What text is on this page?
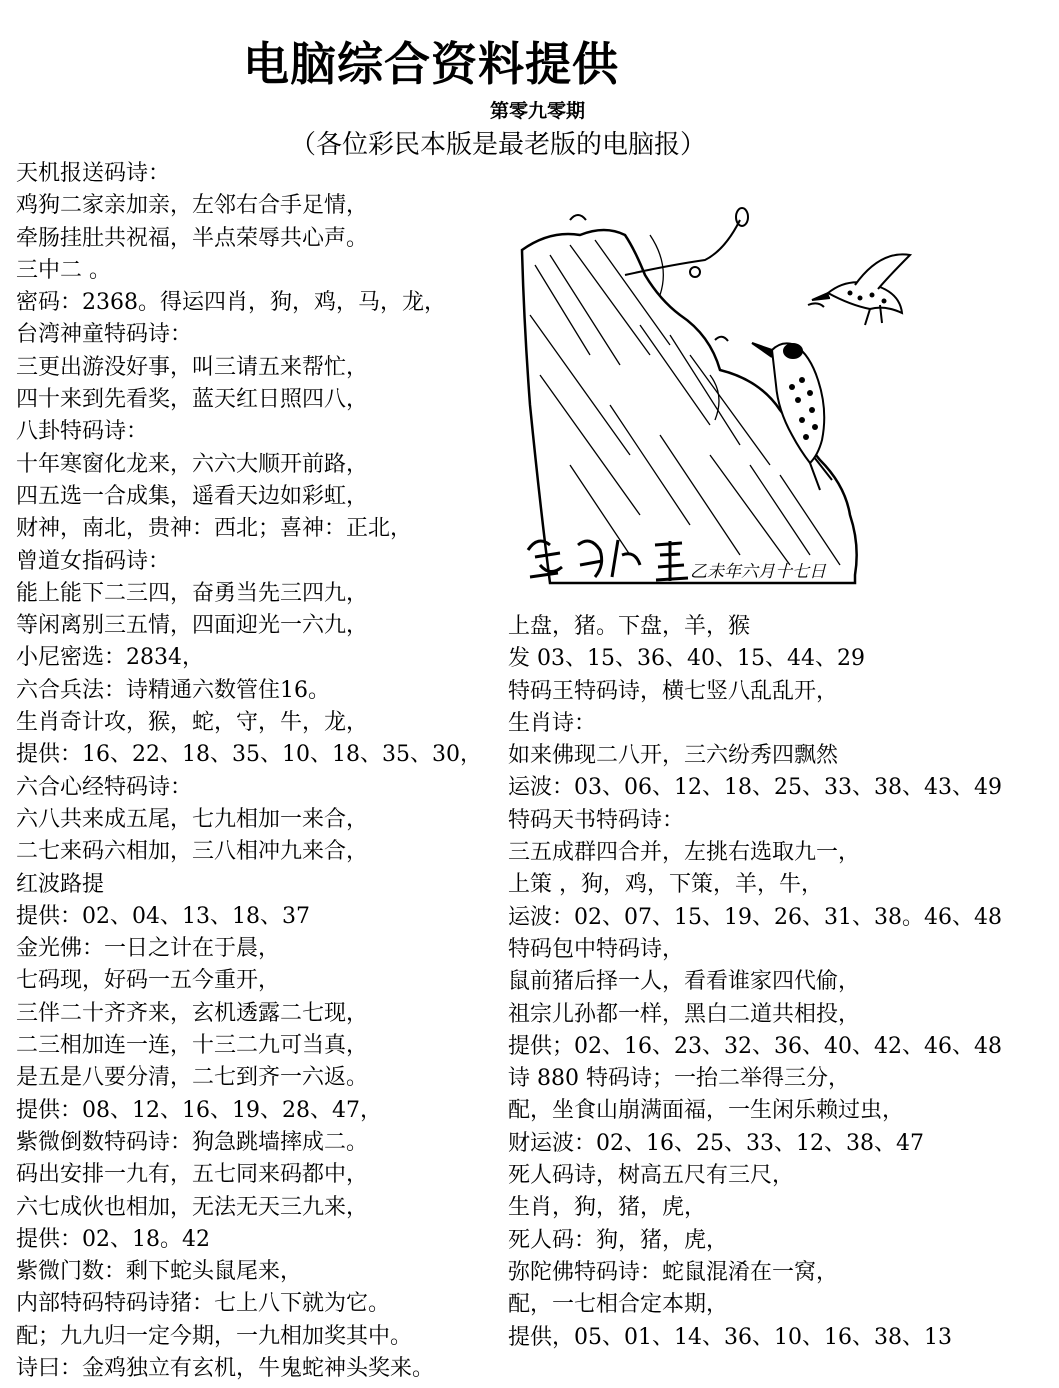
电脑综合资料提供
第零九零期
（各位彩民本版是最老版的电脑报）
天机报送码诗：
鸡狗二家亲加亲，左邻右合手足情，
牵肠挂肚共祝福，半点荣辱共心声。
三中二 。
密码：2368。得运四肖，狗，鸡，马，龙，
台湾神童特码诗：
三更出游没好事，叫三请五来帮忙，
四十来到先看奖，蓝天红日照四八，
八卦特码诗：
十年寒窗化龙来，六六大顺开前路，
四五选一合成集，遥看天边如彩虹，
财神，南北，贵神：西北；喜神：正北，
曾道女指码诗：
能上能下二三四，奋勇当先三四九，
等闲离别三五情，四面迎光一六九，
小尼密选：2834，
六合兵法：诗精通六数管住16。
生肖奇计攻，猴，蛇，守，牛，龙，
提供：16、22、18、35、10、18、35、30，
六合心经特码诗：
六八共来成五尾，七九相加一来合，
二七来码六相加，三八相冲九来合，
红波路提
提供：02、04、13、18、37
金光佛：一日之计在于晨，
七码现，好码一五今重开，
三伴二十齐齐来，玄机透露二七现，
二三相加连一连，十三二九可当真，
是五是八要分清，二七到齐一六返。
提供：08、12、16、19、28、47，
紫微倒数特码诗：狗急跳墙摔成二。
码出安排一九有，五七同来码都中，
六七成伙也相加，无法无天三九来，
提供：02、18。42
紫微门数：剩下蛇头鼠尾来，
内部特码特码诗猪：七上八下就为它。
配；九九归一定今期，一九相加奖其中。
诗曰：金鸡独立有玄机，牛鬼蛇神头奖来。
乙未年六月十七日
上盘，猪。下盘，羊，猴
发 03、15、36、40、15、44、29
特码王特码诗，横七竖八乱乱开，
生肖诗：
如来佛现二八开，三六纷秀四飘然
运波：03、06、12、18、25、33、38、43、49
特码天书特码诗：
三五成群四合并，左挑右选取九一，
上策 ，狗，鸡，下策，羊，牛，
运波：02、07、15、19、26、31、38。46、48
特码包中特码诗，
鼠前猪后择一人，看看谁家四代偷，
祖宗儿孙都一样，黑白二道共相投，
提供；02、16、23、32、36、40、42、46、48
诗 880 特码诗；一抬二举得三分，
配，坐食山崩满面福，一生闲乐赖过虫，
财运波：02、16、25、33、12、38、47
死人码诗，树高五尺有三尺，
生肖，狗，猪，虎，
死人码：狗，猪，虎，
弥陀佛特码诗：蛇鼠混淆在一窝，
配，一七相合定本期，
提供，05、01、14、36、10、16、38、13
